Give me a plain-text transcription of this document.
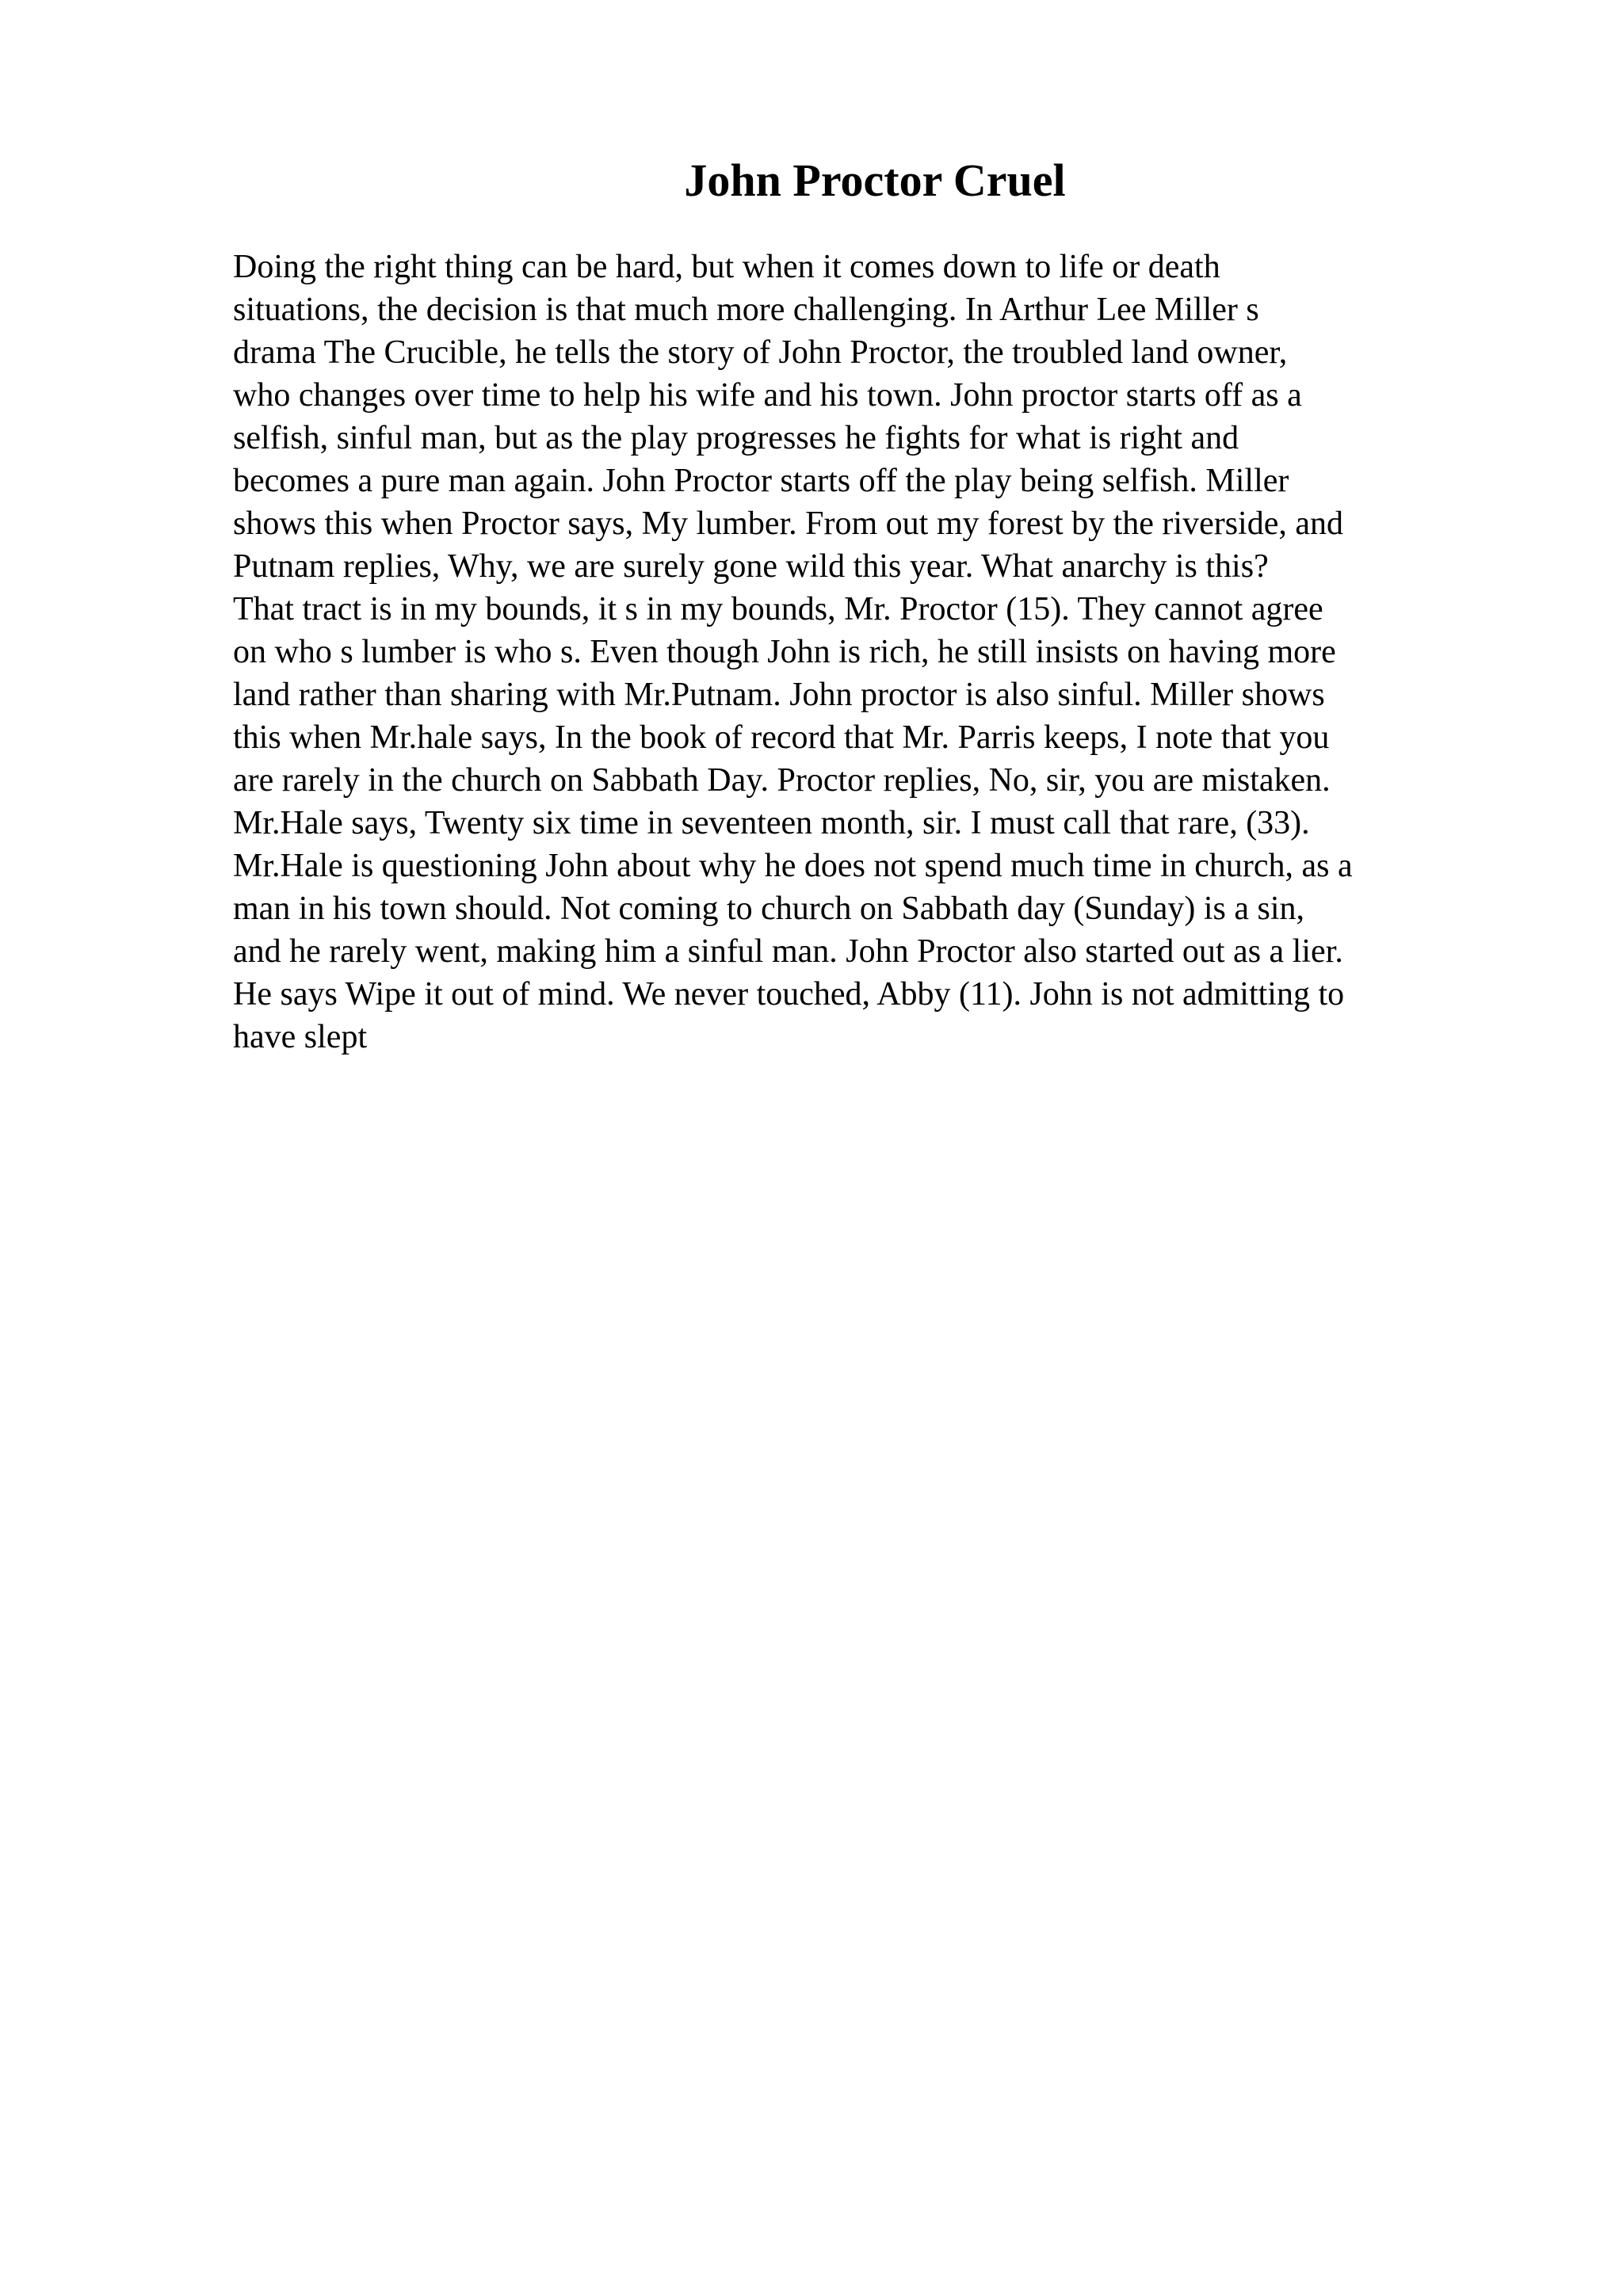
John Proctor Cruel
Doing the right thing can be hard, but when it comes down to life or death
situations, the decision is that much more challenging. In Arthur Lee Miller s
drama The Crucible, he tells the story of John Proctor, the troubled land owner,
who changes over time to help his wife and his town. John proctor starts off as a
selfish, sinful man, but as the play progresses he fights for what is right and
becomes a pure man again. John Proctor starts off the play being selfish. Miller
shows this when Proctor says, My lumber. From out my forest by the riverside, and
Putnam replies, Why, we are surely gone wild this year. What anarchy is this?
That tract is in my bounds, it s in my bounds, Mr. Proctor (15). They cannot agree
on who s lumber is who s. Even though John is rich, he still insists on having more
land rather than sharing with Mr.Putnam. John proctor is also sinful. Miller shows
this when Mr.hale says, In the book of record that Mr. Parris keeps, I note that you
are rarely in the church on Sabbath Day. Proctor replies, No, sir, you are mistaken.
Mr.Hale says, Twenty six time in seventeen month, sir. I must call that rare, (33).
Mr.Hale is questioning John about why he does not spend much time in church, as a
man in his town should. Not coming to church on Sabbath day (Sunday) is a sin,
and he rarely went, making him a sinful man. John Proctor also started out as a lier.
He says Wipe it out of mind. We never touched, Abby (11). John is not admitting to
have slept
